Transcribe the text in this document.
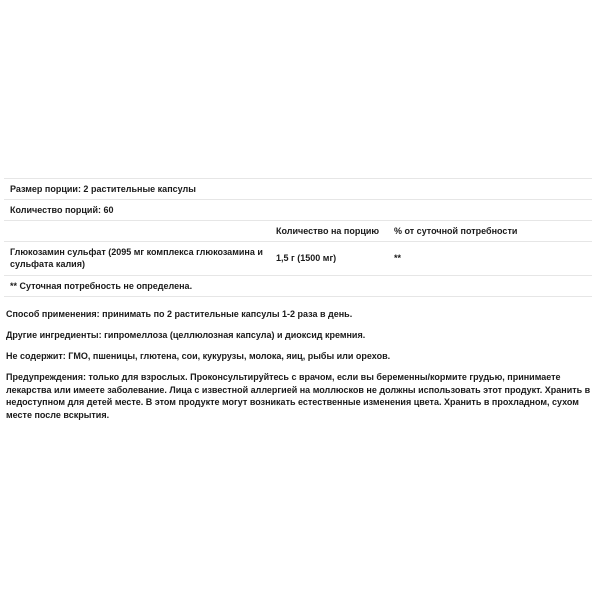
Размер порции: 2 растительные капсулы
Количество порций: 60
Количество на порцию % от суточной потребности
Глюкозамин сульфат (2095 мг комплекса глюкозамина и сульфата калия)
1,5 г (1500 мг)	**
** Суточная потребность не определена.
Способ применения: принимать по 2 растительные капсулы 1-2 раза в день.
Другие ингредиенты: гипромеллоза (целлюлозная капсула) и диоксид кремния.
Не содержит: ГМО, пшеницы, глютена, сои, кукурузы, молока, яиц, рыбы или орехов.
Предупреждения: только для взрослых. Проконсультируйтесь с врачом, если вы беременны/кормите грудью, принимаете лекарства или имеете заболевание. Лица с известной аллергией на моллюсков не должны использовать этот продукт. Хранить в недоступном для детей месте. В этом продукте могут возникать естественные изменения цвета. Хранить в прохладном, сухом месте после вскрытия.
